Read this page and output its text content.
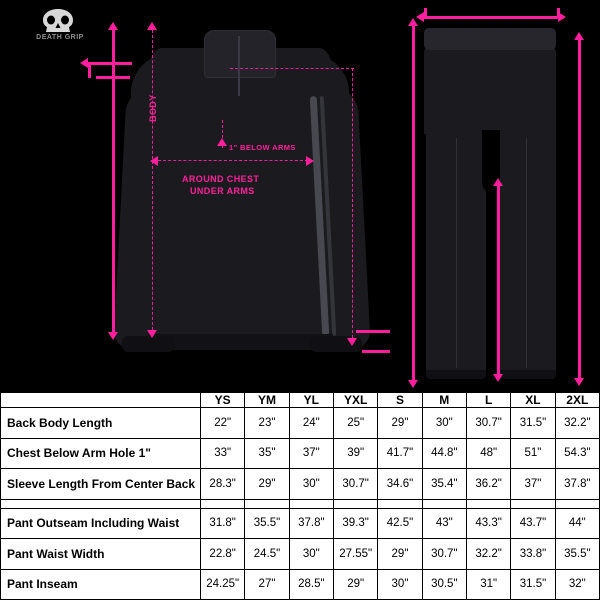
DEATH GRIP
BODY
1" BELOW ARMS
AROUND CHEST
UNDER ARMS
	YS	YM	YL	YXL	S	M	L	XL	2XL
Back Body Length	22"	23"	24"	25"	29"	30"	30.7"	31.5"	32.2"
Chest Below Arm Hole 1"	33"	35"	37"	39"	41.7"	44.8"	48"	51"	54.3"
Sleeve Length From Center Back	28.3"	29"	30"	30.7"	34.6"	35.4"	36.2"	37"	37.8"

Pant Outseam Including Waist	31.8"	35.5"	37.8"	39.3"	42.5"	43"	43.3"	43.7"	44"
Pant Waist Width	22.8"	24.5"	30"	27.55"	29"	30.7"	32.2"	33.8"	35.5"
Pant Inseam	24.25"	27"	28.5"	29"	30"	30.5"	31"	31.5"	32"
